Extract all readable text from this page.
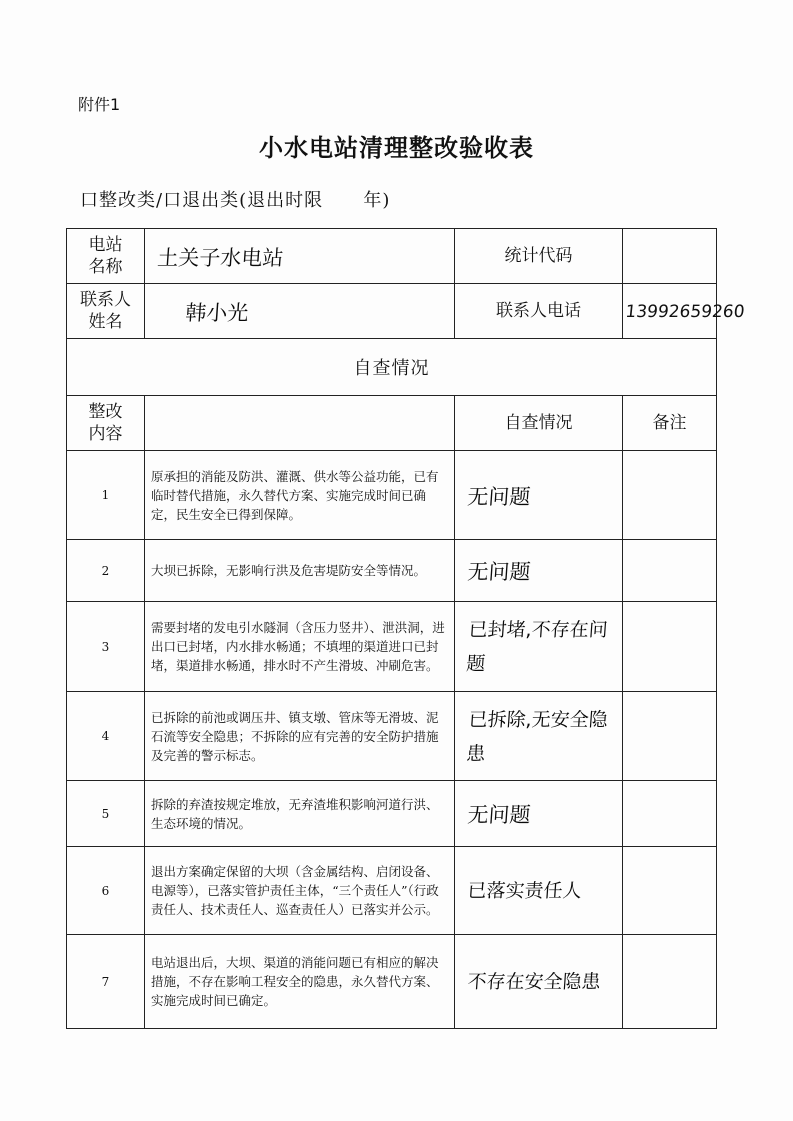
附件1
小水电站清理整改验收表
口整改类/口退出类(退出时限      年)
电站
名称	土关子水电站	统计代码	
联系人
姓名	韩小光	联系人电话	13992659260
自查情况			
整改
内容		自查情况	备注
1	原承担的消能及防洪、灌溉、供水等公益功能，已有临时替代措施，永久替代方案、实施完成时间已确定，民生安全已得到保障。	无问题	
2	大坝已拆除，无影响行洪及危害堤防安全等情况。	无问题	
3	需要封堵的发电引水隧洞（含压力竖井）、泄洪洞，进出口已封堵，内水排水畅通；不填埋的渠道进口已封堵，渠道排水畅通，排水时不产生滑坡、冲刷危害。	已封堵,不存在问题	
4	已拆除的前池或调压井、镇支墩、管床等无滑坡、泥石流等安全隐患；不拆除的应有完善的安全防护措施及完善的警示标志。	已拆除,无安全隐患	
5	拆除的弃渣按规定堆放，无弃渣堆积影响河道行洪、生态环境的情况。	无问题	
6	退出方案确定保留的大坝（含金属结构、启闭设备、电源等），已落实管护责任主体，“三个责任人”（行政责任人、技术责任人、巡查责任人）已落实并公示。	已落实责任人	
7	电站退出后，大坝、渠道的消能问题已有相应的解决措施，不存在影响工程安全的隐患，永久替代方案、实施完成时间已确定。	不存在安全隐患	
